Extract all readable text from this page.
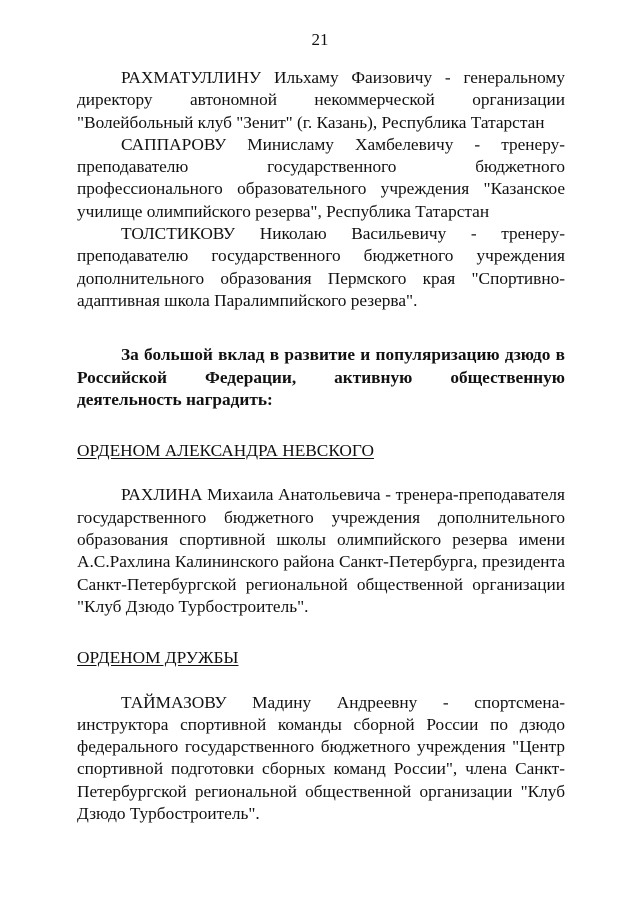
21

РАХМАТУЛЛИНУ Ильхаму Фаизовичу - генеральному директору автономной некоммерческой организации "Волейбольный клуб "Зенит" (г. Казань), Республика Татарстан

САППАРОВУ Минисламу Хамбелевичу - тренеру-преподавателю государственного бюджетного профессионального образовательного учреждения "Казанское училище олимпийского резерва", Республика Татарстан

ТОЛСТИКОВУ Николаю Васильевичу - тренеру-преподавателю государственного бюджетного учреждения дополнительного образования Пермского края "Спортивно-адаптивная школа Паралимпийского резерва".

За большой вклад в развитие и популяризацию дзюдо в Российской Федерации, активную общественную деятельность наградить:

ОРДЕНОМ АЛЕКСАНДРА НЕВСКОГО

РАХЛИНА Михаила Анатольевича - тренера-преподавателя государственного бюджетного учреждения дополнительного образования спортивной школы олимпийского резерва имени А.С.Рахлина Калининского района Санкт-Петербурга, президента Санкт-Петербургской региональной общественной организации "Клуб Дзюдо Турбостроитель".

ОРДЕНОМ ДРУЖБЫ

ТАЙМАЗОВУ Мадину Андреевну - спортсмена-инструктора спортивной команды сборной России по дзюдо федерального государственного бюджетного учреждения "Центр спортивной подготовки сборных команд России", члена Санкт-Петербургской региональной общественной организации "Клуб Дзюдо Турбостроитель".
